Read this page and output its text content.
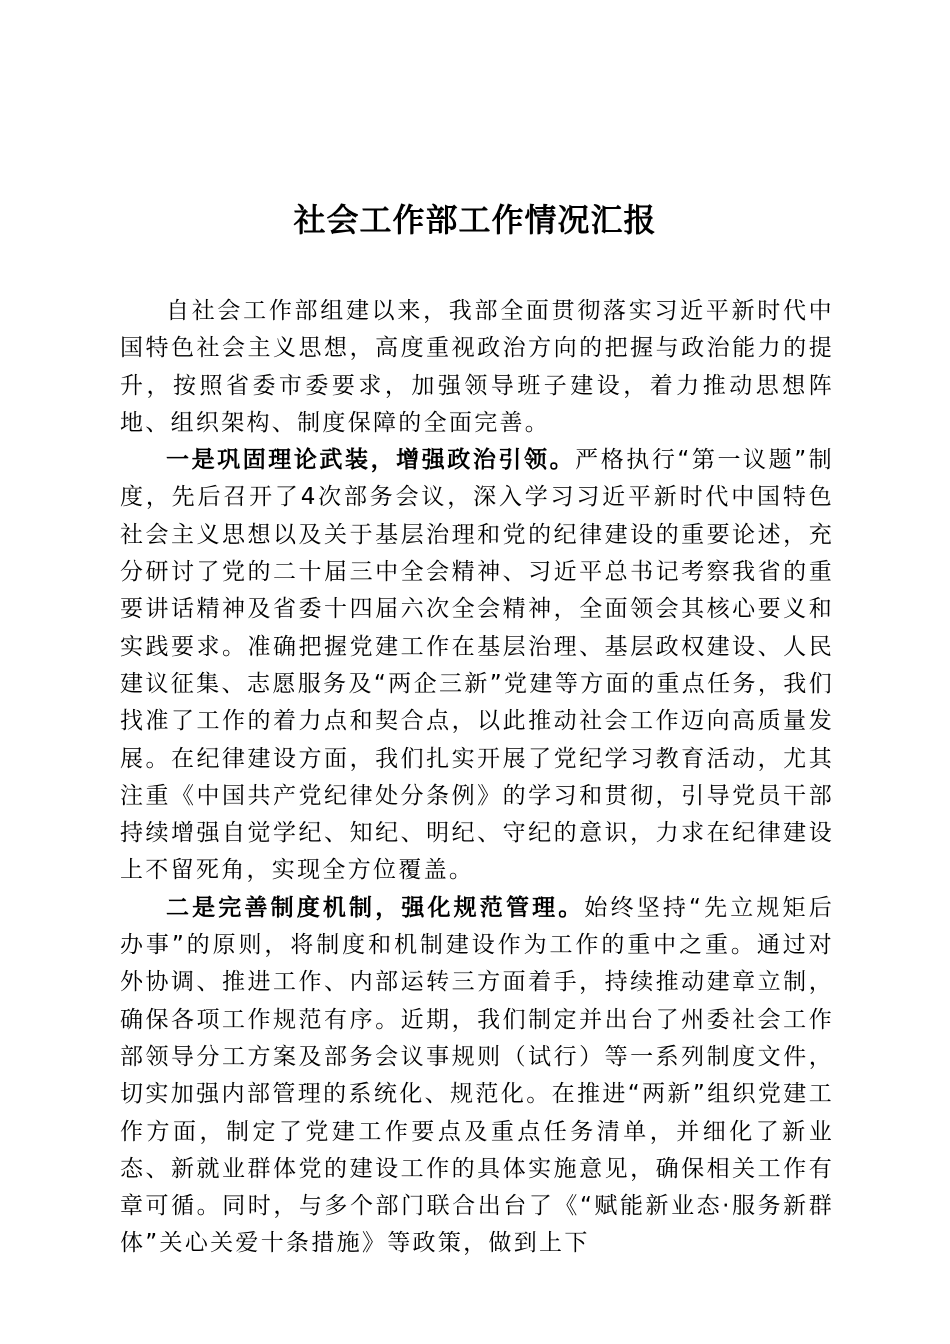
社会工作部工作情况汇报

自社会工作部组建以来，我部全面贯彻落实习近平新时代中国特色社会主义思想，高度重视政治方向的把握与政治能力的提升，按照省委市委要求，加强领导班子建设，着力推动思想阵地、组织架构、制度保障的全面完善。

一是巩固理论武装，增强政治引领。严格执行“第一议题”制度，先后召开了4次部务会议，深入学习习近平新时代中国特色社会主义思想以及关于基层治理和党的纪律建设的重要论述，充分研讨了党的二十届三中全会精神、习近平总书记考察我省的重要讲话精神及省委十四届六次全会精神，全面领会其核心要义和实践要求。准确把握党建工作在基层治理、基层政权建设、人民建议征集、志愿服务及“两企三新”党建等方面的重点任务，我们找准了工作的着力点和契合点，以此推动社会工作迈向高质量发展。在纪律建设方面，我们扎实开展了党纪学习教育活动，尤其注重《中国共产党纪律处分条例》的学习和贯彻，引导党员干部持续增强自觉学纪、知纪、明纪、守纪的意识，力求在纪律建设上不留死角，实现全方位覆盖。

二是完善制度机制，强化规范管理。始终坚持“先立规矩后办事”的原则，将制度和机制建设作为工作的重中之重。通过对外协调、推进工作、内部运转三方面着手，持续推动建章立制，确保各项工作规范有序。近期，我们制定并出台了州委社会工作部领导分工方案及部务会议事规则（试行）等一系列制度文件，切实加强内部管理的系统化、规范化。在推进“两新”组织党建工作方面，制定了党建工作要点及重点任务清单，并细化了新业态、新就业群体党的建设工作的具体实施意见，确保相关工作有章可循。同时，与多个部门联合出台了《“赋能新业态·服务新群体”关心关爱十条措施》等政策，做到上下
